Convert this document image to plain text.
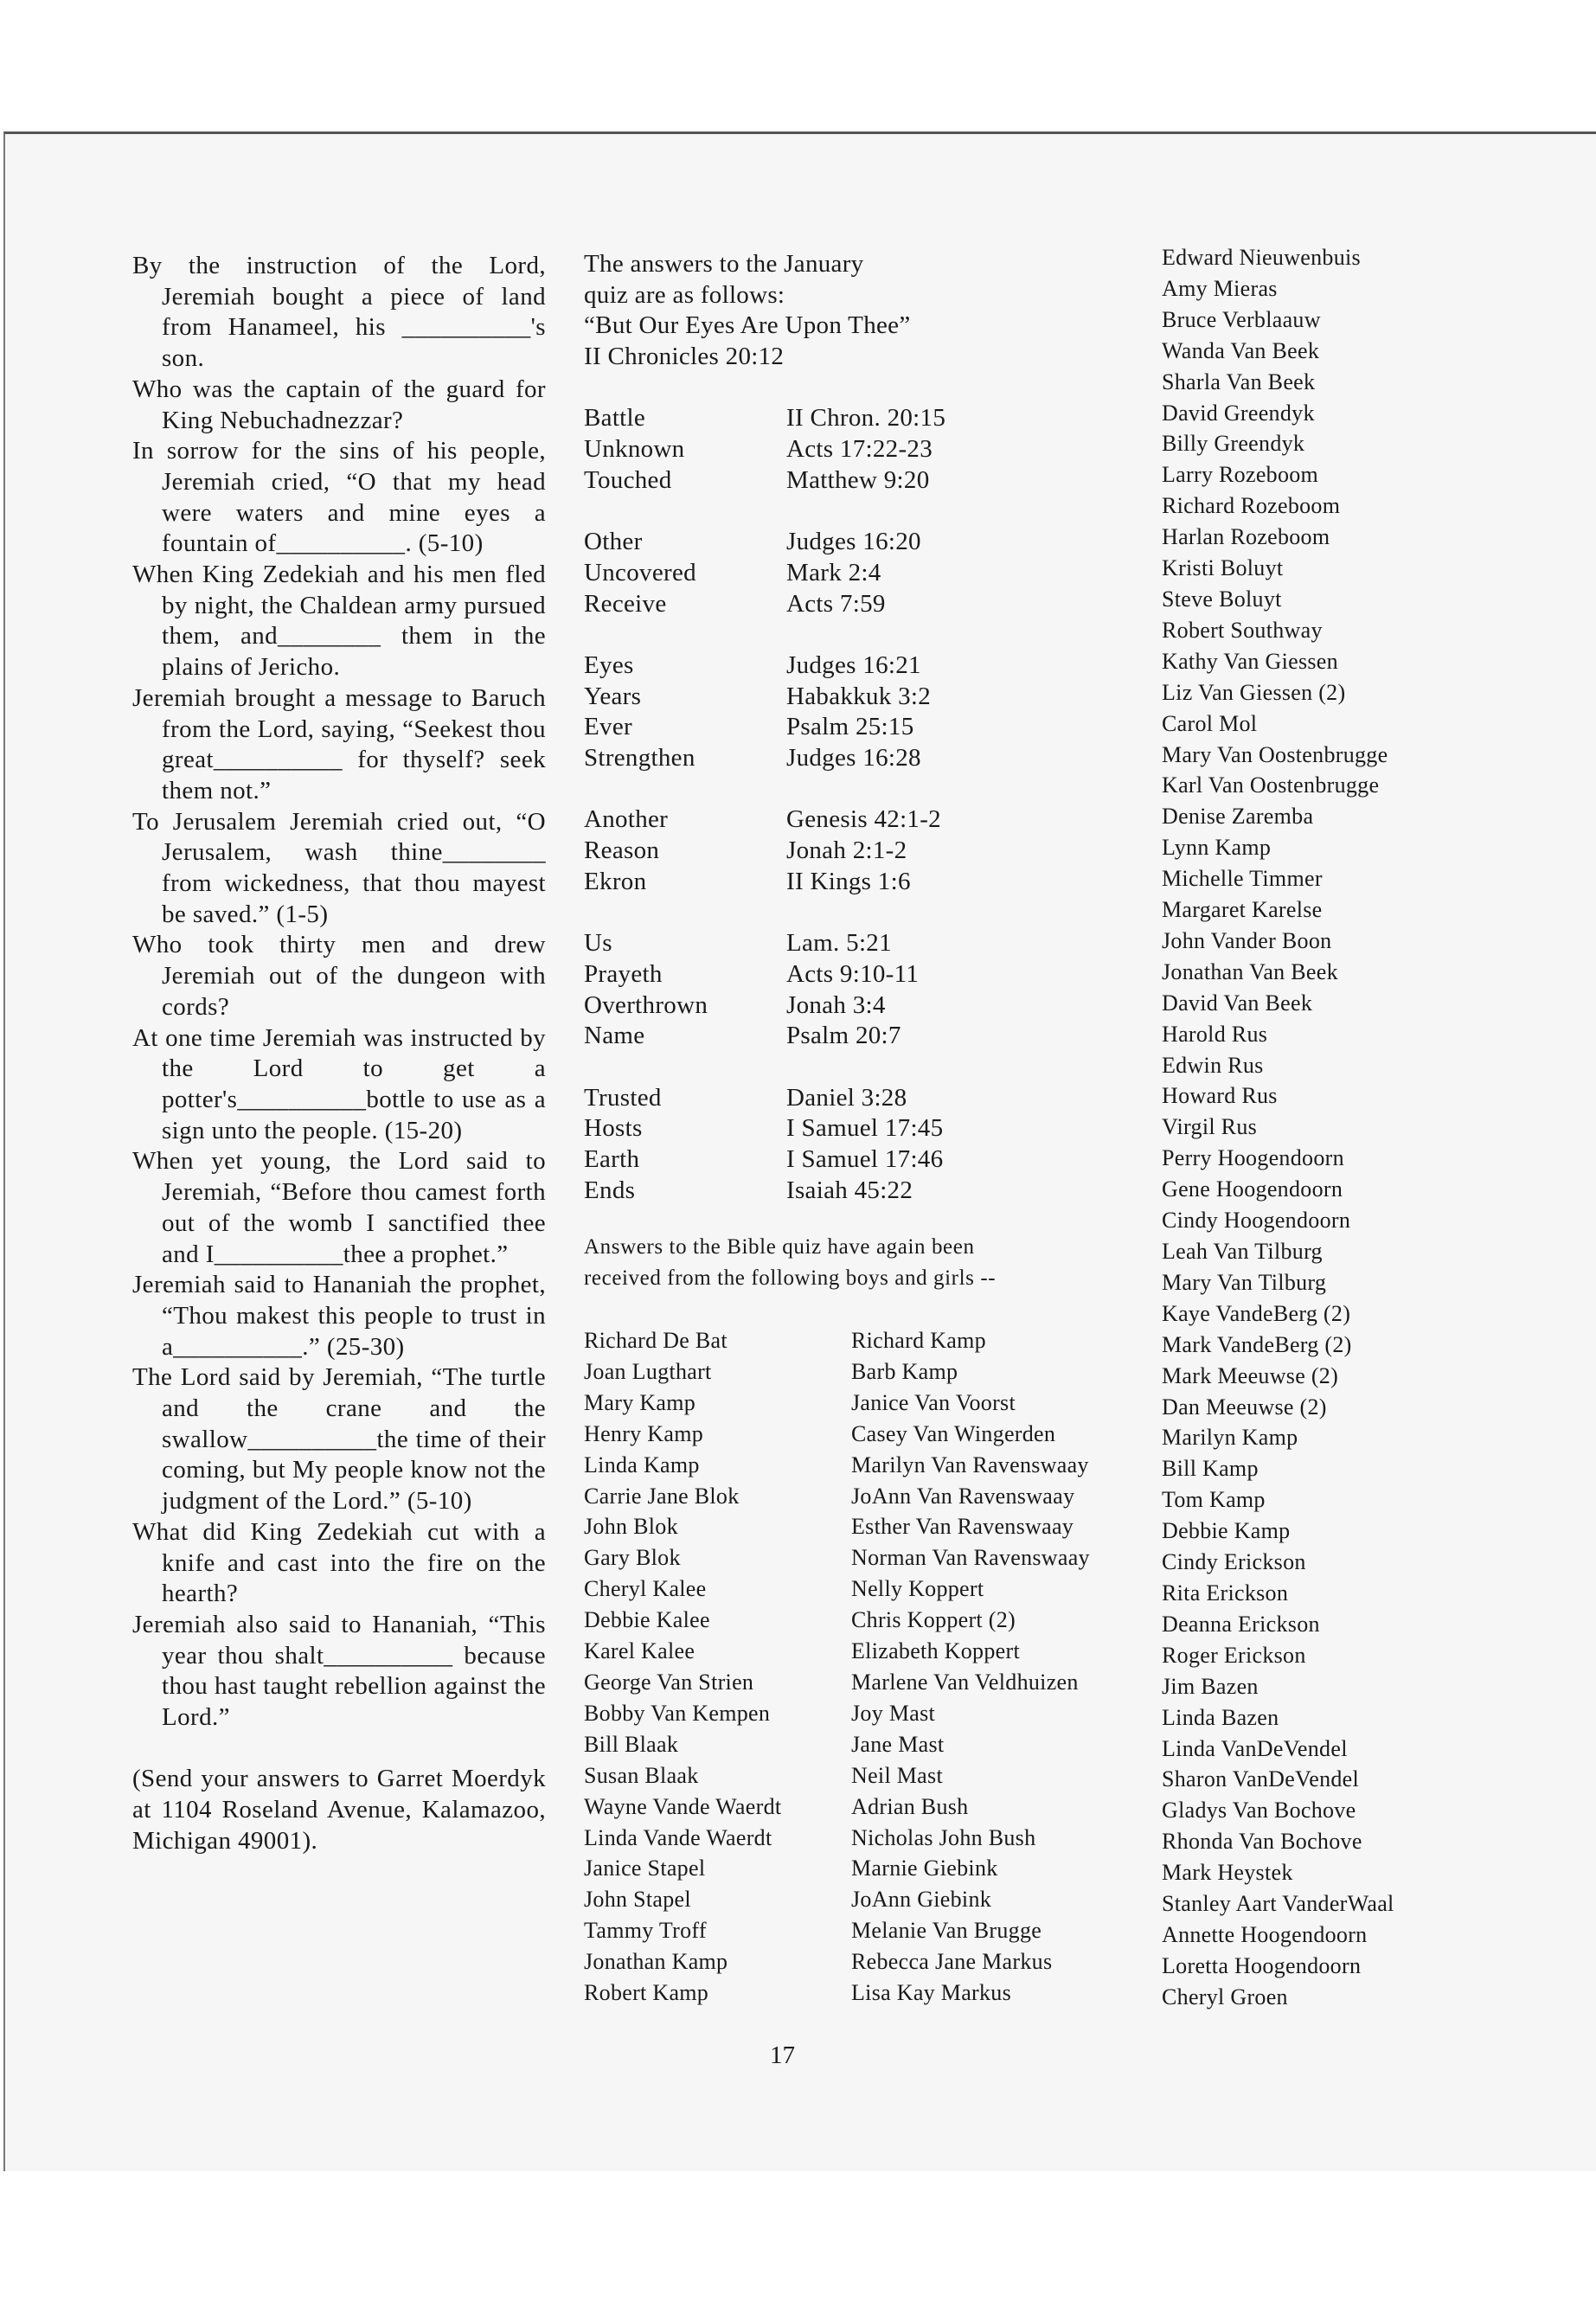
By the instruction of the Lord, Jeremiah bought a piece of land from Hanameel, his __________'s son.

Who was the captain of the guard for King Nebuchadnezzar?

In sorrow for the sins of his people, Jeremiah cried, “O that my head were waters and mine eyes a fountain of__________. (5-10)

When King Zedekiah and his men fled by night, the Chaldean army pursued them, and________ them in the plains of Jericho.

Jeremiah brought a message to Baruch from the Lord, saying, “Seekest thou great__________ for thyself? seek them not.”

To Jerusalem Jeremiah cried out, “O Jerusalem, wash thine________ from wickedness, that thou mayest be saved.” (1-5)

Who took thirty men and drew Jeremiah out of the dungeon with cords?

At one time Jeremiah was instructed by the Lord to get a potter's__________bottle to use as a sign unto the people. (15-20)

When yet young, the Lord said to Jeremiah, “Before thou camest forth out of the womb I sanctified thee and I__________thee a prophet.”

Jeremiah said to Hananiah the prophet, “Thou makest this people to trust in a__________.” (25-30)

The Lord said by Jeremiah, “The turtle and the crane and the swallow__________the time of their coming, but My people know not the judgment of the Lord.” (5-10)

What did King Zedekiah cut with a knife and cast into the fire on the hearth?

Jeremiah also said to Hananiah, “This year thou shalt__________ because thou hast taught rebellion against the Lord.”

(Send your answers to Garret Moerdyk at 1104 Roseland Avenue, Kalamazoo, Michigan 49001).

The answers to the January
quiz are as follows:
“But Our Eyes Are Upon Thee”
II Chronicles 20:12
Battle	II Chron. 20:15
Unknown	Acts 17:22-23
Touched	Matthew 9:20
Other	Judges 16:20
Uncovered	Mark 2:4
Receive	Acts 7:59
Eyes	Judges 16:21
Years	Habakkuk 3:2
Ever	Psalm 25:15
Strengthen	Judges 16:28
Another	Genesis 42:1-2
Reason	Jonah 2:1-2
Ekron	II Kings 1:6
Us	Lam. 5:21
Prayeth	Acts 9:10-11
Overthrown	Jonah 3:4
Name	Psalm 20:7
Trusted	Daniel 3:28
Hosts	I Samuel 17:45
Earth	I Samuel 17:46
Ends	Isaiah 45:22
Answers to the Bible quiz have again been received from the following boys and girls --
Richard De Bat
Joan Lugthart
Mary Kamp
Henry Kamp
Linda Kamp
Carrie Jane Blok
John Blok
Gary Blok
Cheryl Kalee
Debbie Kalee
Karel Kalee
George Van Strien
Bobby Van Kempen
Bill Blaak
Susan Blaak
Wayne Vande Waerdt
Linda Vande Waerdt
Janice Stapel
John Stapel
Tammy Troff
Jonathan Kamp
Robert Kamp
Richard Kamp
Barb Kamp
Janice Van Voorst
Casey Van Wingerden
Marilyn Van Ravenswaay
JoAnn Van Ravenswaay
Esther Van Ravenswaay
Norman Van Ravenswaay
Nelly Koppert
Chris Koppert (2)
Elizabeth Koppert
Marlene Van Veldhuizen
Joy Mast
Jane Mast
Neil Mast
Adrian Bush
Nicholas John Bush
Marnie Giebink
JoAnn Giebink
Melanie Van Brugge
Rebecca Jane Markus
Lisa Kay Markus
Edward Nieuwenbuis
Amy Mieras
Bruce Verblaauw
Wanda Van Beek
Sharla Van Beek
David Greendyk
Billy Greendyk
Larry Rozeboom
Richard Rozeboom
Harlan Rozeboom
Kristi Boluyt
Steve Boluyt
Robert Southway
Kathy Van Giessen
Liz Van Giessen (2)
Carol Mol
Mary Van Oostenbrugge
Karl Van Oostenbrugge
Denise Zaremba
Lynn Kamp
Michelle Timmer
Margaret Karelse
John Vander Boon
Jonathan Van Beek
David Van Beek
Harold Rus
Edwin Rus
Howard Rus
Virgil Rus
Perry Hoogendoorn
Gene Hoogendoorn
Cindy Hoogendoorn
Leah Van Tilburg
Mary Van Tilburg
Kaye VandeBerg (2)
Mark VandeBerg (2)
Mark Meeuwse (2)
Dan Meeuwse (2)
Marilyn Kamp
Bill Kamp
Tom Kamp
Debbie Kamp
Cindy Erickson
Rita Erickson
Deanna Erickson
Roger Erickson
Jim Bazen
Linda Bazen
Linda VanDeVendel
Sharon VanDeVendel
Gladys Van Bochove
Rhonda Van Bochove
Mark Heystek
Stanley Aart VanderWaal
Annette Hoogendoorn
Loretta Hoogendoorn
Cheryl Groen
17
